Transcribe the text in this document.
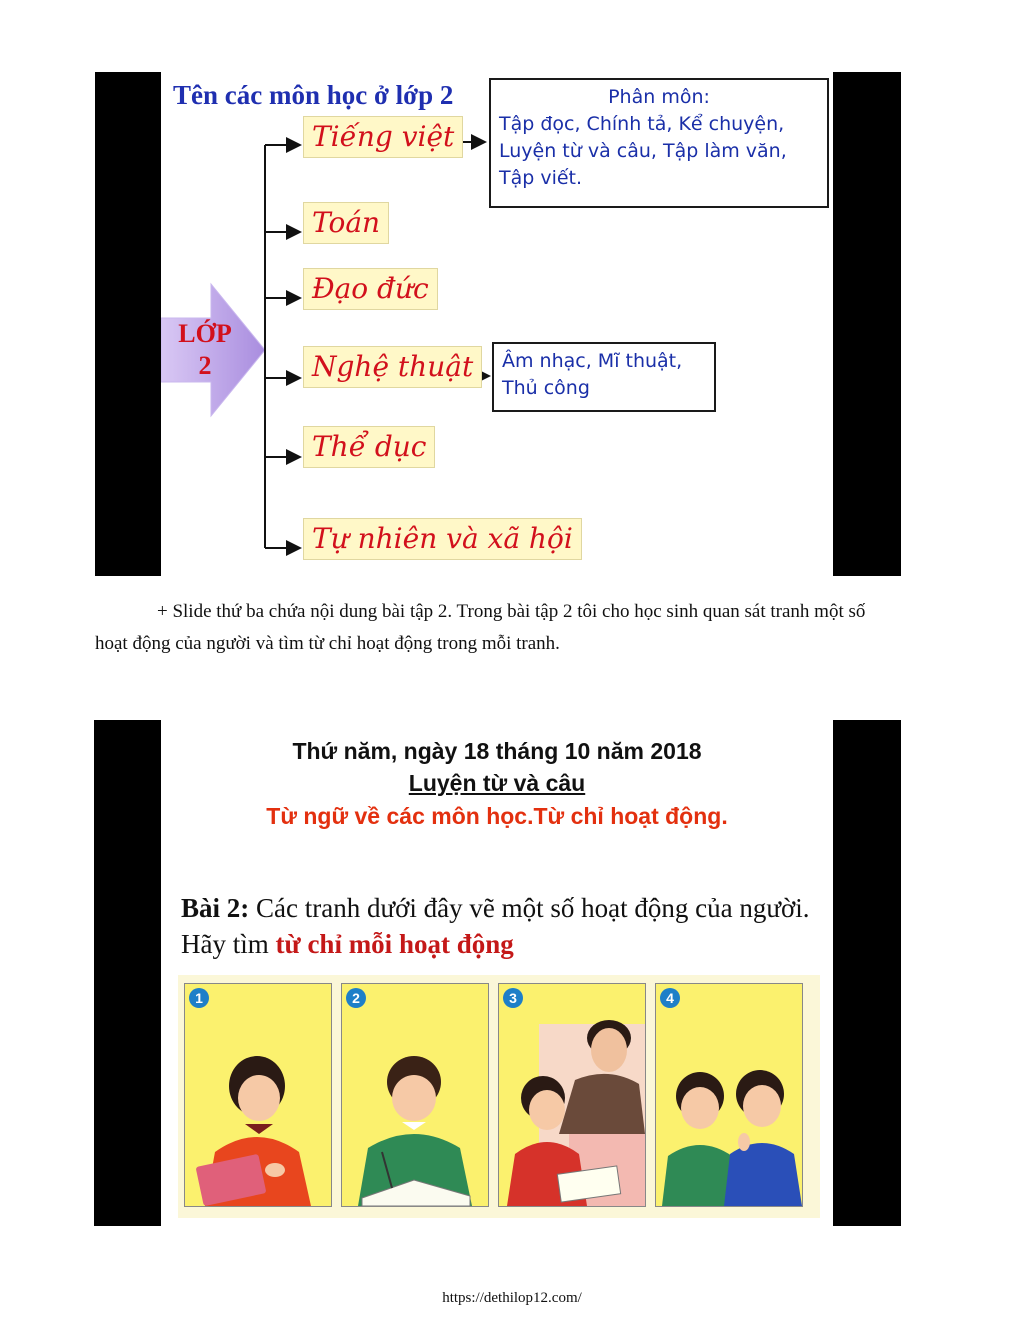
Tên các môn học ở lớp 2
LỚP
2
Tiếng việt
Toán
Đạo đức
Nghệ thuật
Thể dục
Tự nhiên và xã hội
Phân môn:
Tập đọc, Chính tả, Kể chuyện,
Luyện từ và câu, Tập làm văn,
Tập viết.
Âm nhạc, Mĩ thuật,
Thủ công
+ Slide thứ ba chứa nội dung bài tập 2. Trong bài tập 2 tôi cho học sinh quan sát tranh một số hoạt động của người và tìm từ chỉ hoạt động trong mỗi tranh.
Thứ năm, ngày 18 tháng 10 năm 2018
Luyện từ và câu
Từ ngữ về các môn học.Từ chỉ hoạt động.
Bài 2: Các tranh dưới đây vẽ một số hoạt động của người. Hãy tìm từ chỉ mỗi hoạt động
1	2	3	4
https://dethilop12.com/
